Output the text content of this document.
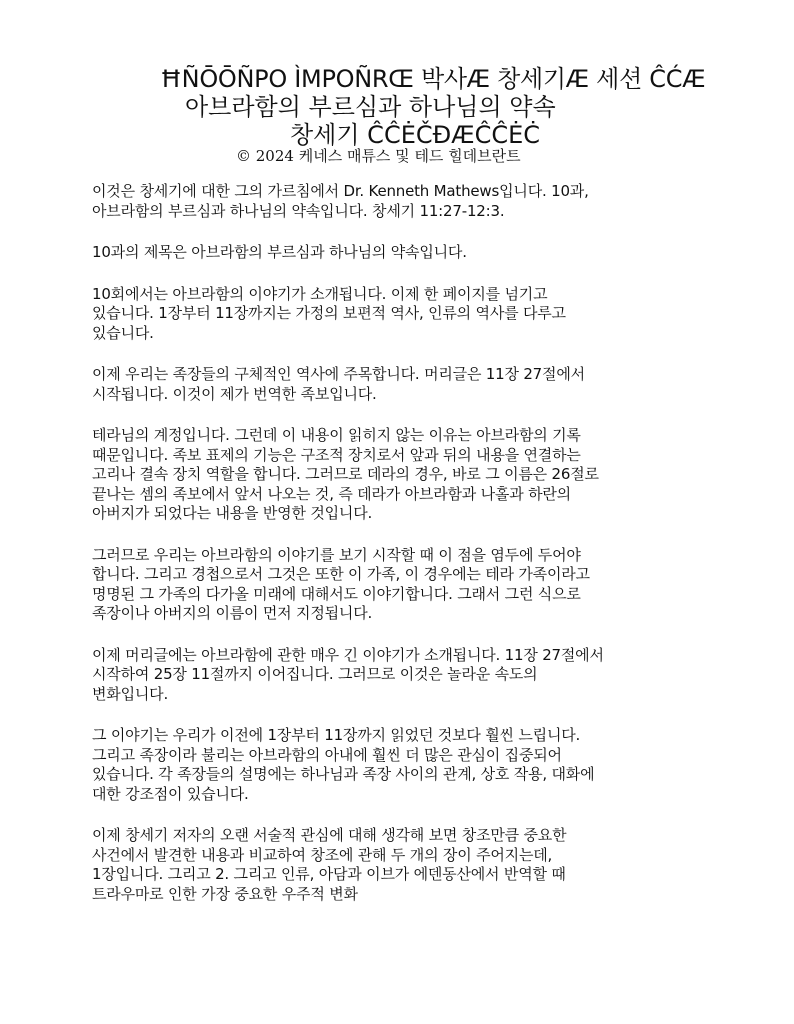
ĦÑŌŌÑPO ÌMPOÑRŒ 박사Æ 창세기Æ 세션 ĈĆÆ
아브라함의 부르심과 하나님의 약속
창세기 ĈĈĖČĐÆĈĈĖĊ
© 2024 케네스 매튜스 및 테드 힐데브란트

이것은 창세기에 대한 그의 가르침에서 Dr. Kenneth Mathews입니다. 10과,
아브라함의 부르심과 하나님의 약속입니다. 창세기 11:27-12:3.

10과의 제목은 아브라함의 부르심과 하나님의 약속입니다.

10회에서는 아브라함의 이야기가 소개됩니다. 이제 한 페이지를 넘기고
있습니다. 1장부터 11장까지는 가정의 보편적 역사, 인류의 역사를 다루고
있습니다.

이제 우리는 족장들의 구체적인 역사에 주목합니다. 머리글은 11장 27절에서
시작됩니다. 이것이 제가 번역한 족보입니다.

테라님의 계정입니다. 그런데 이 내용이 읽히지 않는 이유는 아브라함의 기록
때문입니다. 족보 표제의 기능은 구조적 장치로서 앞과 뒤의 내용을 연결하는
고리나 결속 장치 역할을 합니다. 그러므로 데라의 경우, 바로 그 이름은 26절로
끝나는 셈의 족보에서 앞서 나오는 것, 즉 데라가 아브라함과 나홀과 하란의
아버지가 되었다는 내용을 반영한 것입니다.

그러므로 우리는 아브라함의 이야기를 보기 시작할 때 이 점을 염두에 두어야
합니다. 그리고 경첩으로서 그것은 또한 이 가족, 이 경우에는 테라 가족이라고
명명된 그 가족의 다가올 미래에 대해서도 이야기합니다. 그래서 그런 식으로
족장이나 아버지의 이름이 먼저 지정됩니다.

이제 머리글에는 아브라함에 관한 매우 긴 이야기가 소개됩니다. 11장 27절에서
시작하여 25장 11절까지 이어집니다. 그러므로 이것은 놀라운 속도의
변화입니다.

그 이야기는 우리가 이전에 1장부터 11장까지 읽었던 것보다 훨씬 느립니다.
그리고 족장이라 불리는 아브라함의 아내에 훨씬 더 많은 관심이 집중되어
있습니다. 각 족장들의 설명에는 하나님과 족장 사이의 관계, 상호 작용, 대화에
대한 강조점이 있습니다.

이제 창세기 저자의 오랜 서술적 관심에 대해 생각해 보면 창조만큼 중요한
사건에서 발견한 내용과 비교하여 창조에 관해 두 개의 장이 주어지는데,
1장입니다. 그리고 2. 그리고 인류, 아담과 이브가 에덴동산에서 반역할 때
트라우마로 인한 가장 중요한 우주적 변화
